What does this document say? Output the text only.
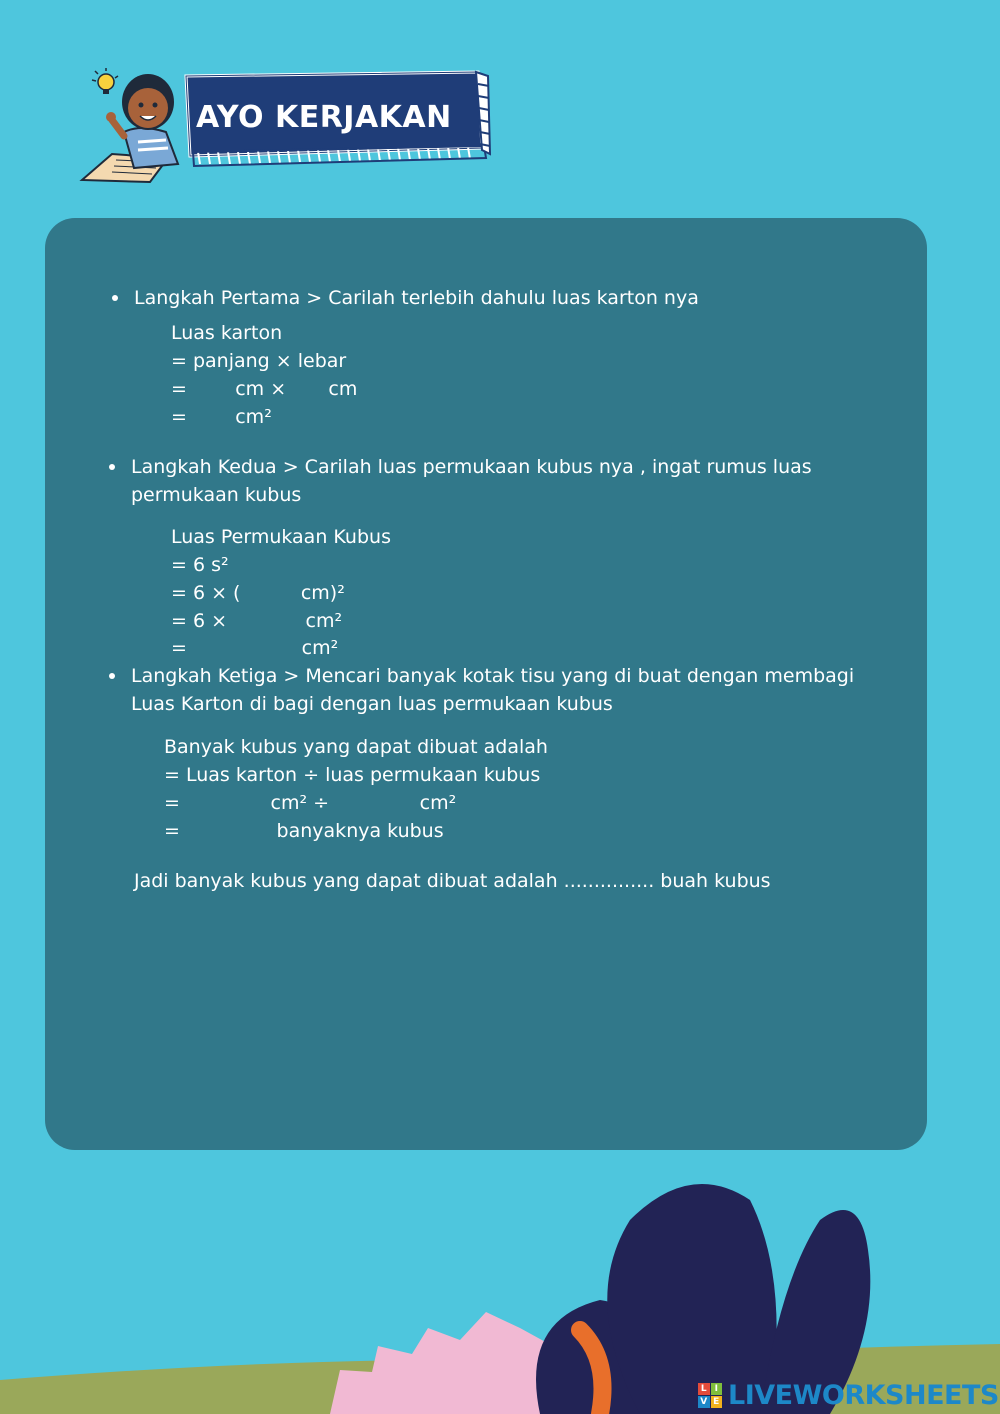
AYO KERJAKAN
Langkah Pertama > Carilah terlebih dahulu luas karton nya
Luas karton
= panjang × lebar
=        cm ×       cm
=        cm²
Langkah Kedua > Carilah luas permukaan kubus nya , ingat rumus luas
permukaan kubus
Luas Permukaan Kubus
= 6 s²
= 6 × (          cm)²
= 6 ×             cm²
=                   cm²
Langkah Ketiga > Mencari banyak kotak tisu yang di buat dengan membagi
Luas Karton di bagi dengan luas permukaan kubus
Banyak kubus yang dapat dibuat adalah
= Luas karton ÷ luas permukaan kubus
=               cm² ÷               cm²
=                banyaknya kubus
Jadi banyak kubus yang dapat dibuat adalah ............... buah kubus
L I
V E LIVEWORKSHEETS
